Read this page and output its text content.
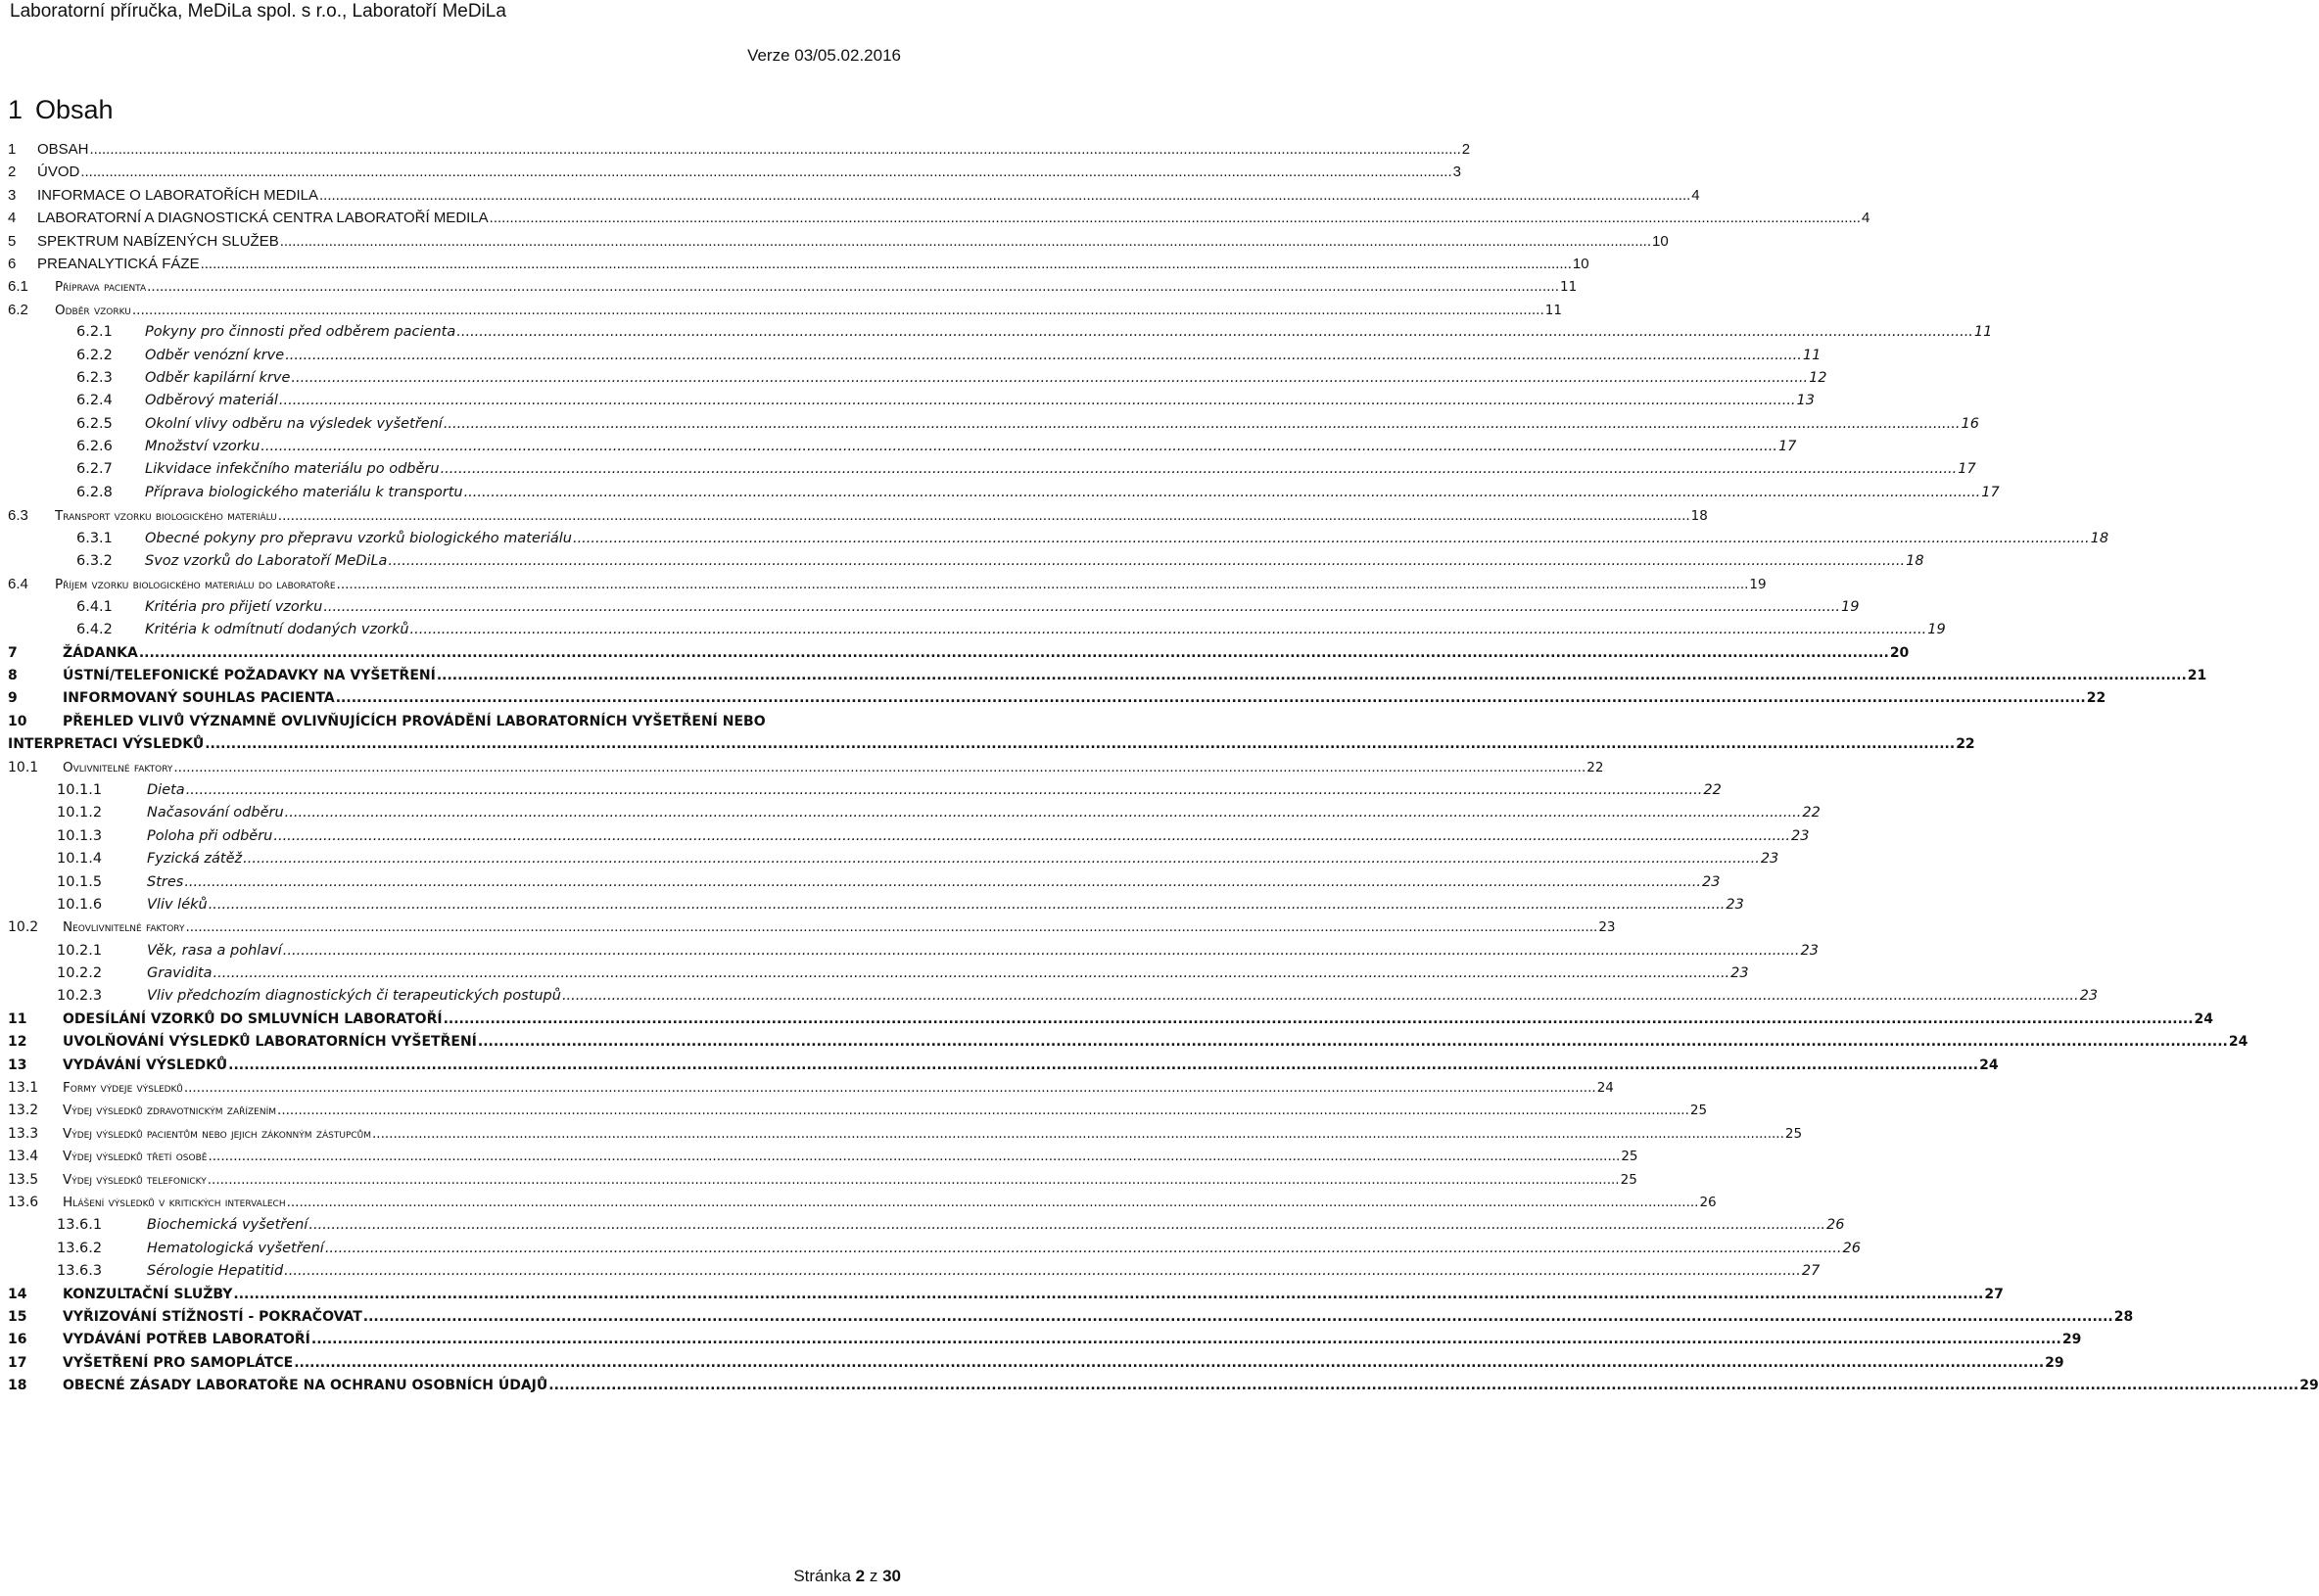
Laboratorní příručka, MeDiLa spol. s r.o., Laboratoří MeDiLa
Verze 03/05.02.2016
1 Obsah
1	OBSAH .....	2
2	ÚVOD .....	3
3	INFORMACE O LABORATOŘÍCH MEDILA .....	4
4	LABORATORNÍ A DIAGNOSTICKÁ CENTRA LABORATOŘÍ MEDILA .....	4
5	SPEKTRUM NABÍZENÝCH SLUŽEB .....	10
6	PREANALYTICKÁ FÁZE .....	10
6.1	Příprava pacienta .....	11
6.2	Odběr vzorku .....	11
6.2.1	Pokyny pro činnosti před odběrem pacienta .....	11
6.2.2	Odběr venózní krve .....	11
6.2.3	Odběr kapilární krve .....	12
6.2.4	Odběrový materiál .....	13
6.2.5	Okolní vlivy odběru na výsledek vyšetření .....	16
6.2.6	Množství vzorku .....	17
6.2.7	Likvidace infekčního materiálu po odběru .....	17
6.2.8	Příprava biologického materiálu k transportu .....	17
6.3	Transport vzorku biologického materiálu .....	18
6.3.1	Obecné pokyny pro přepravu vzorků biologického materiálu .....	18
6.3.2	Svoz vzorků do Laboratoří MeDiLa .....	18
6.4	Příjem vzorku biologického materiálu do laboratoře .....	19
6.4.1	Kritéria pro přijetí vzorku .....	19
6.4.2	Kritéria k odmítnutí dodaných vzorků .....	19
7	ŽÁDANKA .....	20
8	ÚSTNÍ/TELEFONICKÉ POŽADAVKY NA VYŠETŘENÍ .....	21
9	INFORMOVANÝ SOUHLAS PACIENTA .....	22
10	PŘEHLED VLIVŮ VÝZNAMNĚ OVLIVŇUJÍCÍCH PROVÁDĚNÍ LABORATORNÍCH VYŠETŘENÍ NEBO
INTERPRETACI VÝSLEDKŮ .....	22
10.1	Ovlivnitelné faktory .....	22
10.1.1	Dieta .....	22
10.1.2	Načasování odběru .....	22
10.1.3	Poloha při odběru .....	23
10.1.4	Fyzická zátěž .....	23
10.1.5	Stres .....	23
10.1.6	Vliv léků .....	23
10.2	Neovlivnitelné faktory .....	23
10.2.1	Věk, rasa a pohlaví .....	23
10.2.2	Gravidita .....	23
10.2.3	Vliv předchozím diagnostických či terapeutických postupů .....	23
11	ODESÍLÁNÍ VZORKŮ DO SMLUVNÍCH LABORATOŘÍ .....	24
12	UVOLŇOVÁNÍ VÝSLEDKŮ LABORATORNÍCH VYŠETŘENÍ .....	24
13	VYDÁVÁNÍ VÝSLEDKŮ .....	24
13.1	Formy výdeje výsledků .....	24
13.2	Výdej výsledků zdravotnickým zařízením .....	25
13.3	Výdej výsledků pacientům nebo jejich zákonným zástupcům .....	25
13.4	Výdej výsledků třetí osobě .....	25
13.5	Výdej výsledků telefonicky .....	25
13.6	Hlášení výsledků v kritických intervalech .....	26
13.6.1	Biochemická vyšetření .....	26
13.6.2	Hematologická vyšetření .....	26
13.6.3	Sérologie Hepatitid .....	27
14	KONZULTAČNÍ SLUŽBY .....	27
15	VYŘIZOVÁNÍ STÍŽNOSTÍ - POKRAČOVAT .....	28
16	VYDÁVÁNÍ POTŘEB LABORATOŘÍ .....	29
17	VYŠETŘENÍ PRO SAMOPLÁTCE .....	29
18	OBECNÉ ZÁSADY LABORATOŘE NA OCHRANU OSOBNÍCH ÚDAJŮ .....	29
Stránka 2 z 30
